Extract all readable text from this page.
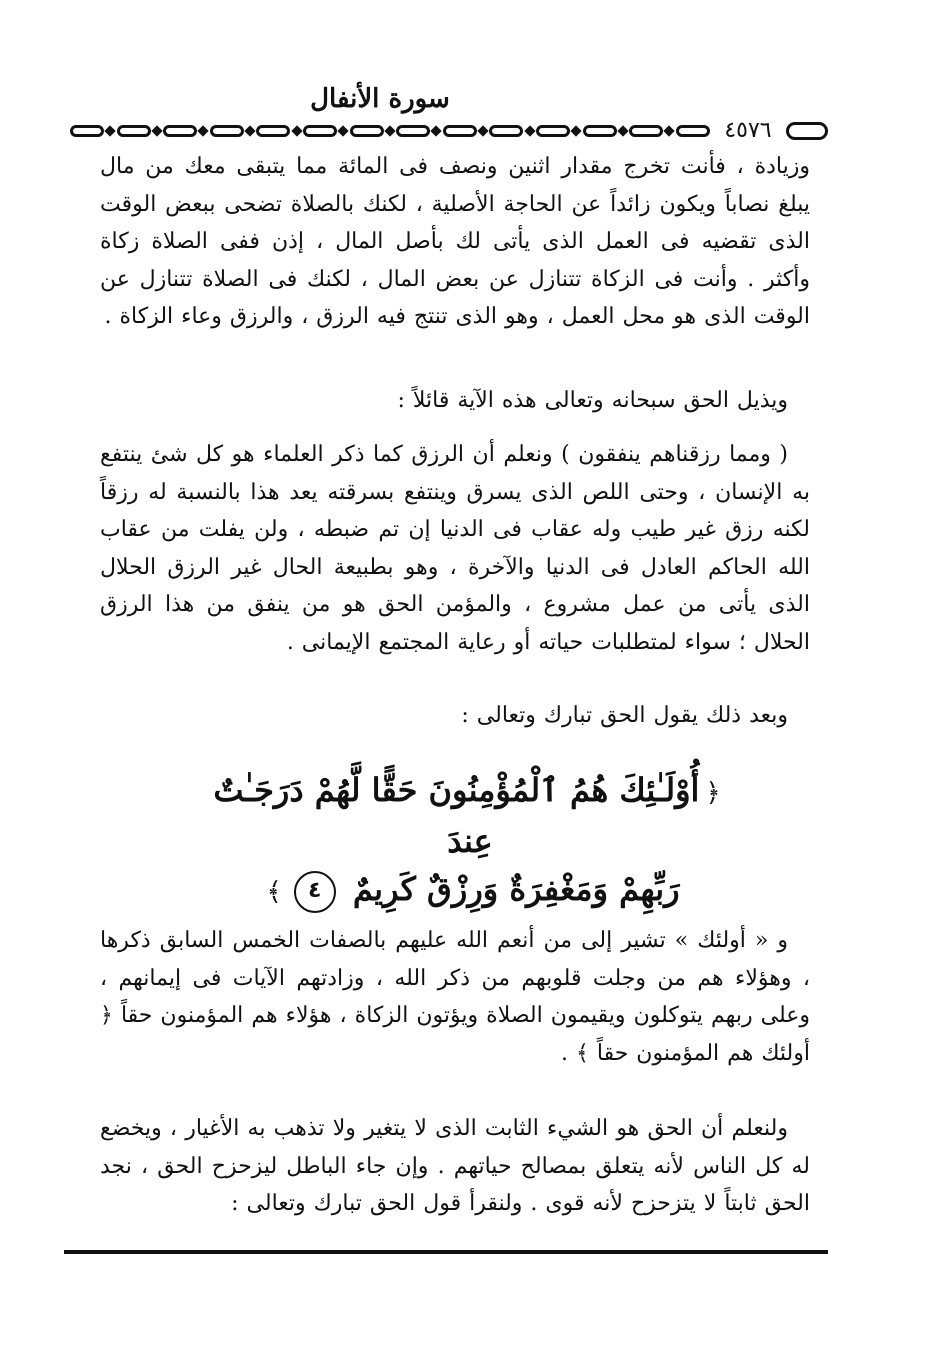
سورة الأنفال
٤٥٧٦

وزيادة ، فأنت تخرج مقدار اثنين ونصف فى المائة مما يتبقى معك من مال يبلغ نصاباً ويكون زائداً عن الحاجة الأصلية ، لكنك بالصلاة تضحى ببعض الوقت الذى تقضيه فى العمل الذى يأتى لك بأصل المال ، إذن ففى الصلاة زكاة وأكثر . وأنت فى الزكاة تتنازل عن بعض المال ، لكنك فى الصلاة تتنازل عن الوقت الذى هو محل العمل ، وهو الذى تنتج فيه الرزق ، والرزق وعاء الزكاة .

ويذيل الحق سبحانه وتعالى هذه الآية قائلاً :

( ومما رزقناهم ينفقون ) ونعلم أن الرزق كما ذكر العلماء هو كل شئ ينتفع به الإنسان ، وحتى اللص الذى يسرق وينتفع بسرقته يعد هذا بالنسبة له رزقاً لكنه رزق غير طيب وله عقاب فى الدنيا إن تم ضبطه ، ولن يفلت من عقاب الله الحاكم العادل فى الدنيا والآخرة ، وهو بطبيعة الحال غير الرزق الحلال الذى يأتى من عمل مشروع ، والمؤمن الحق هو من ينفق من هذا الرزق الحلال ؛ سواء لمتطلبات حياته أو رعاية المجتمع الإيمانى .

وبعد ذلك يقول الحق تبارك وتعالى :

﴿أُوْلَـٰئِكَ هُمُ ٱلْمُؤْمِنُونَ حَقًّا لَّهُمْ دَرَجَـٰتٌ عِندَ
رَبِّهِمْ وَمَغْفِرَةٌ وَرِزْقٌ كَرِيمٌ ٤﴾

و « أولئك » تشير إلى من أنعم الله عليهم بالصفات الخمس السابق ذكرها ، وهؤلاء هم من وجلت قلوبهم من ذكر الله ، وزادتهم الآيات فى إيمانهم ، وعلى ربهم يتوكلون ويقيمون الصلاة ويؤتون الزكاة ، هؤلاء هم المؤمنون حقاً ﴿ أولئك هم المؤمنون حقاً ﴾ .

ولنعلم أن الحق هو الشيء الثابت الذى لا يتغير ولا تذهب به الأغيار ، ويخضع له كل الناس لأنه يتعلق بمصالح حياتهم . وإن جاء الباطل ليزحزح الحق ، نجد الحق ثابتاً لا يتزحزح لأنه قوى . ولنقرأ قول الحق تبارك وتعالى :
